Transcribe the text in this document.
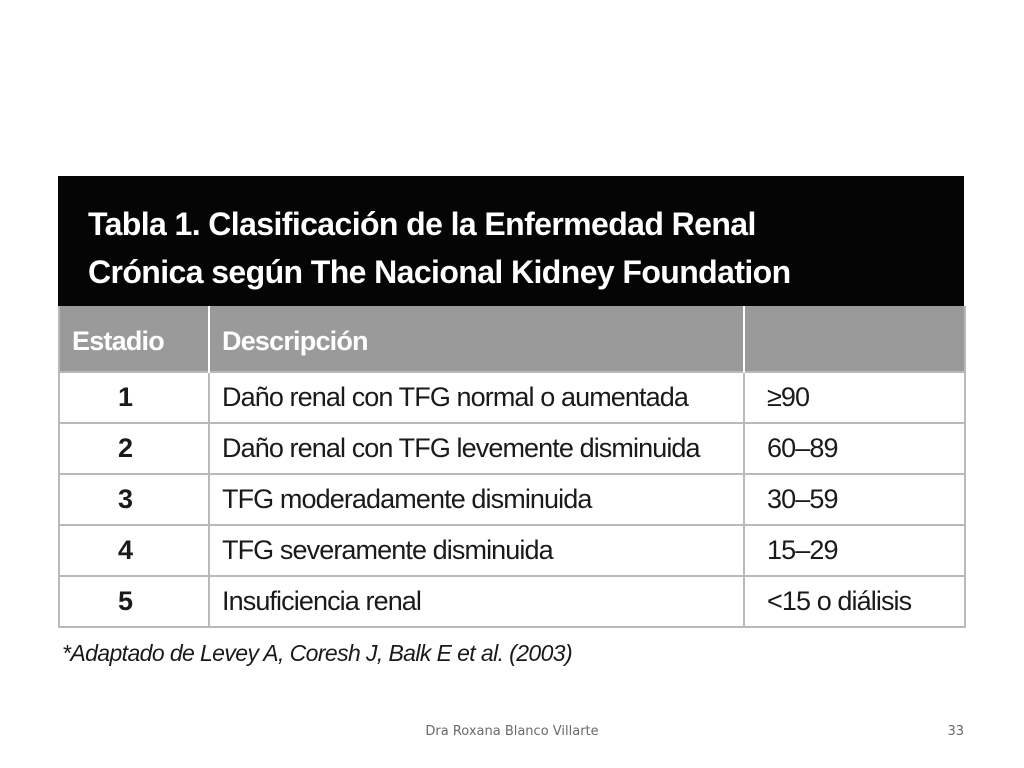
Tabla 1. Clasificación de la Enfermedad Renal
Crónica según The Nacional Kidney Foundation
Estadio	Descripción	
1	Daño renal con TFG normal o aumentada	≥90
2	Daño renal con TFG levemente disminuida	60–89
3	TFG moderadamente disminuida	30–59
4	TFG severamente disminuida	15–29
5	Insuficiencia renal	<15 o diálisis
*Adaptado de Levey A, Coresh J, Balk E et al. (2003)
Dra Roxana Blanco Villarte	33
